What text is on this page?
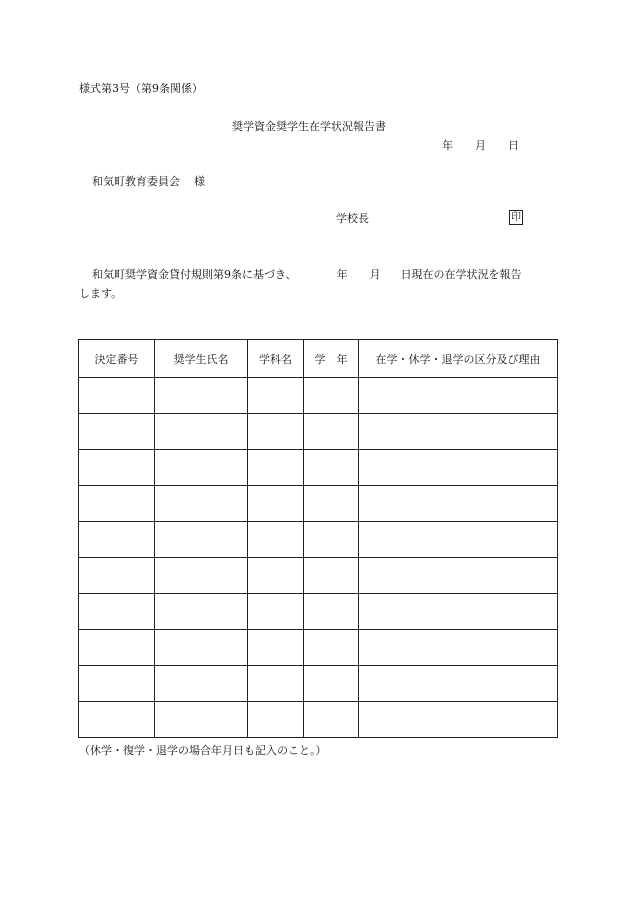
様式第3号（第9条関係）
奨学資金奨学生在学状況報告書
年 月 日
和気町教育委員会 様
学校長	印
和気町奨学資金貸付規則第9条に基づき、	年 月 日現在の在学状況を報告
します。
決定番号	奨学生氏名	学科名	学　年	在学・休学・退学の区分及び理由

（休学・復学・退学の場合年月日も記入のこと。）
